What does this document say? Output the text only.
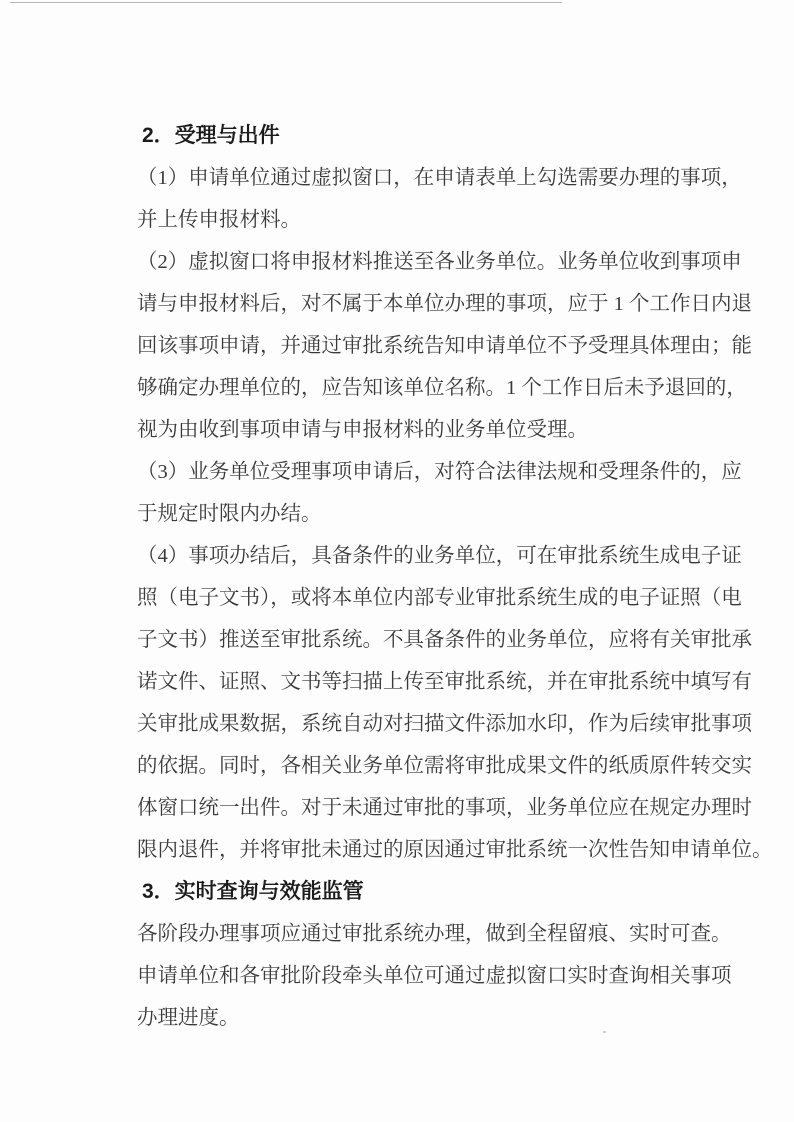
2．受理与出件
（1）申请单位通过虚拟窗口，在申请表单上勾选需要办理的事项，
并上传申报材料。
（2）虚拟窗口将申报材料推送至各业务单位。业务单位收到事项申
请与申报材料后，对不属于本单位办理的事项，应于 1 个工作日内退
回该事项申请，并通过审批系统告知申请单位不予受理具体理由；能
够确定办理单位的，应告知该单位名称。1 个工作日后未予退回的，
视为由收到事项申请与申报材料的业务单位受理。
（3）业务单位受理事项申请后，对符合法律法规和受理条件的，应
于规定时限内办结。
（4）事项办结后，具备条件的业务单位，可在审批系统生成电子证
照（电子文书），或将本单位内部专业审批系统生成的电子证照（电
子文书）推送至审批系统。不具备条件的业务单位，应将有关审批承
诺文件、证照、文书等扫描上传至审批系统，并在审批系统中填写有
关审批成果数据，系统自动对扫描文件添加水印，作为后续审批事项
的依据。同时，各相关业务单位需将审批成果文件的纸质原件转交实
体窗口统一出件。对于未通过审批的事项，业务单位应在规定办理时
限内退件，并将审批未通过的原因通过审批系统一次性告知申请单位。
3．实时查询与效能监管
各阶段办理事项应通过审批系统办理，做到全程留痕、实时可查。
申请单位和各审批阶段牵头单位可通过虚拟窗口实时查询相关事项
办理进度。
